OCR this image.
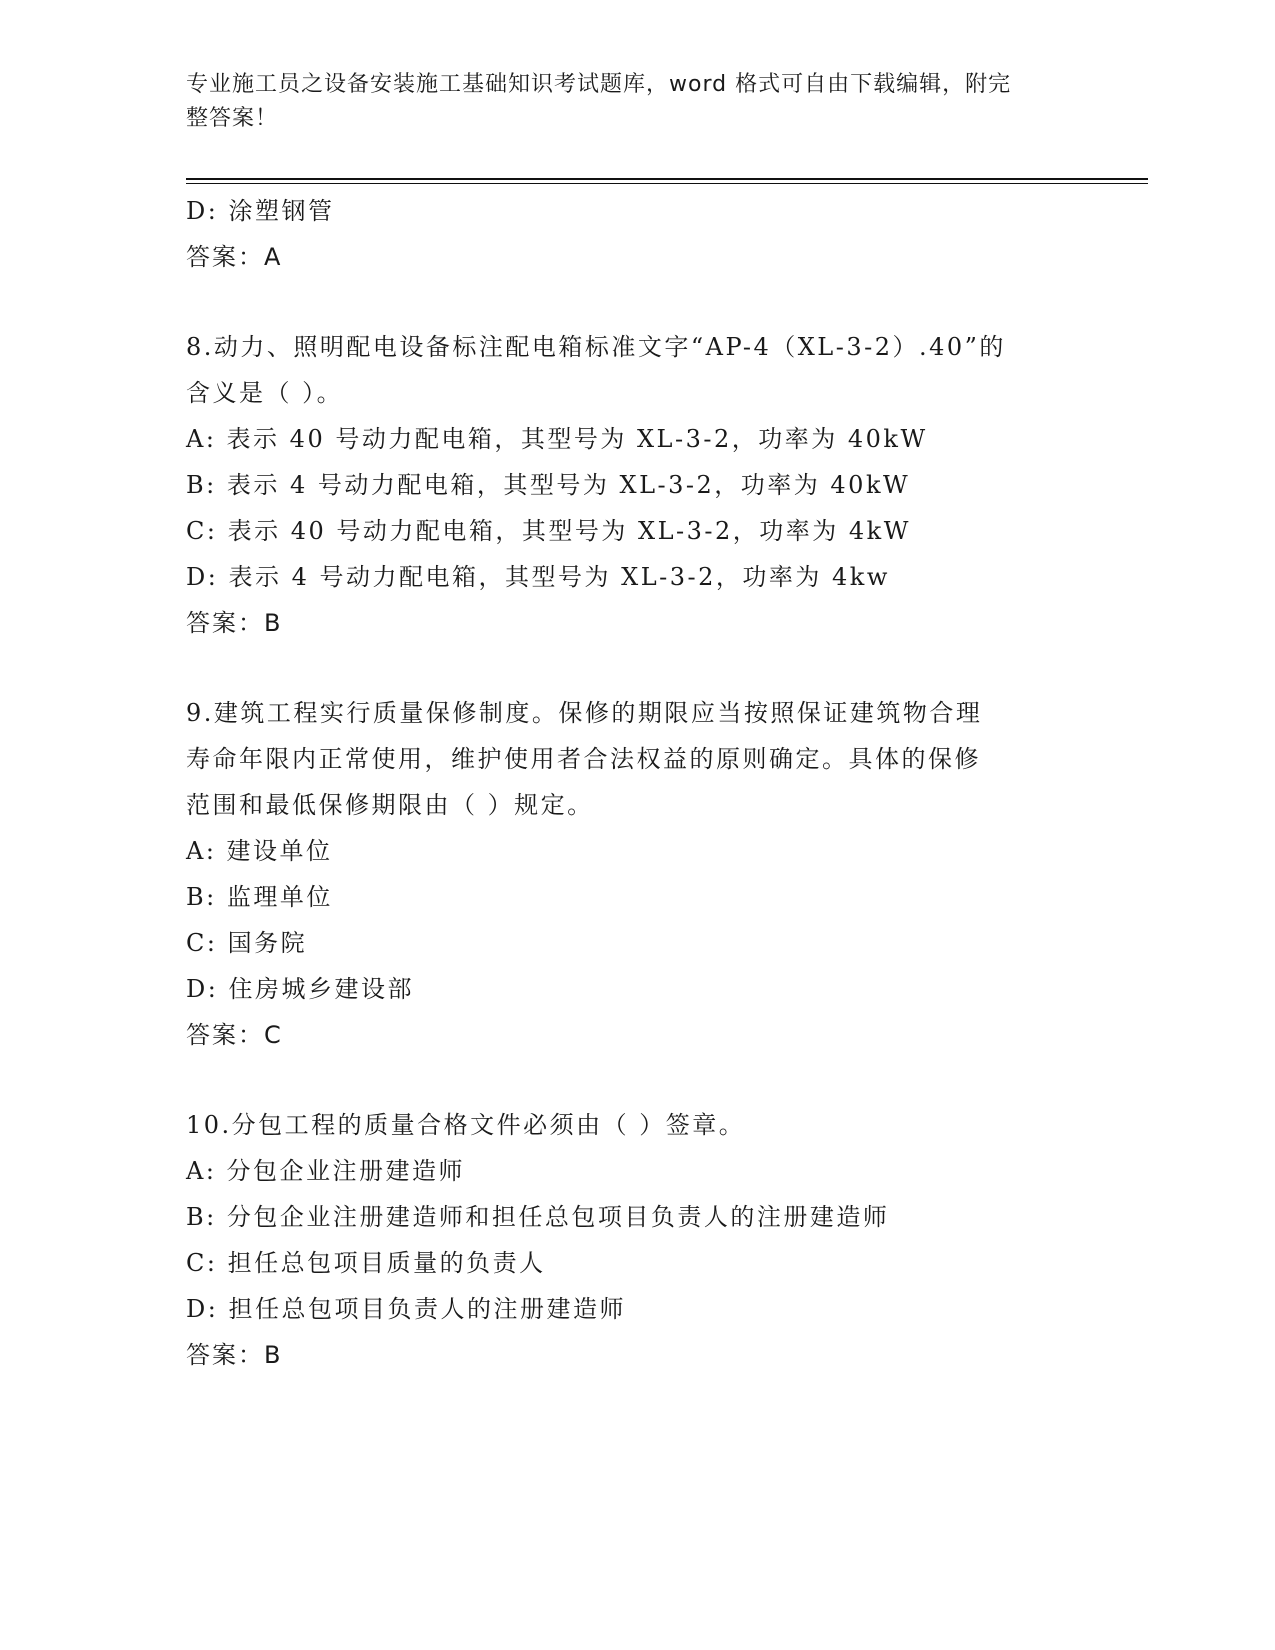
专业施工员之设备安装施工基础知识考试题库，word 格式可自由下载编辑，附完
整答案！
D: 涂塑钢管
答案：A
8.动力、照明配电设备标注配电箱标准文字“AP-4（XL-3-2）.40”的
含义是（ ）。
A: 表示 40 号动力配电箱，其型号为 XL-3-2，功率为 40kW
B: 表示 4 号动力配电箱，其型号为 XL-3-2，功率为 40kW
C: 表示 40 号动力配电箱，其型号为 XL-3-2，功率为 4kW
D: 表示 4 号动力配电箱，其型号为 XL-3-2，功率为 4kw
答案：B
9.建筑工程实行质量保修制度。保修的期限应当按照保证建筑物合理
寿命年限内正常使用，维护使用者合法权益的原则确定。具体的保修
范围和最低保修期限由（ ）规定。
A: 建设单位
B: 监理单位
C: 国务院
D: 住房城乡建设部
答案：C
10.分包工程的质量合格文件必须由（ ）签章。
A: 分包企业注册建造师
B: 分包企业注册建造师和担任总包项目负责人的注册建造师
C: 担任总包项目质量的负责人
D: 担任总包项目负责人的注册建造师
答案：B
